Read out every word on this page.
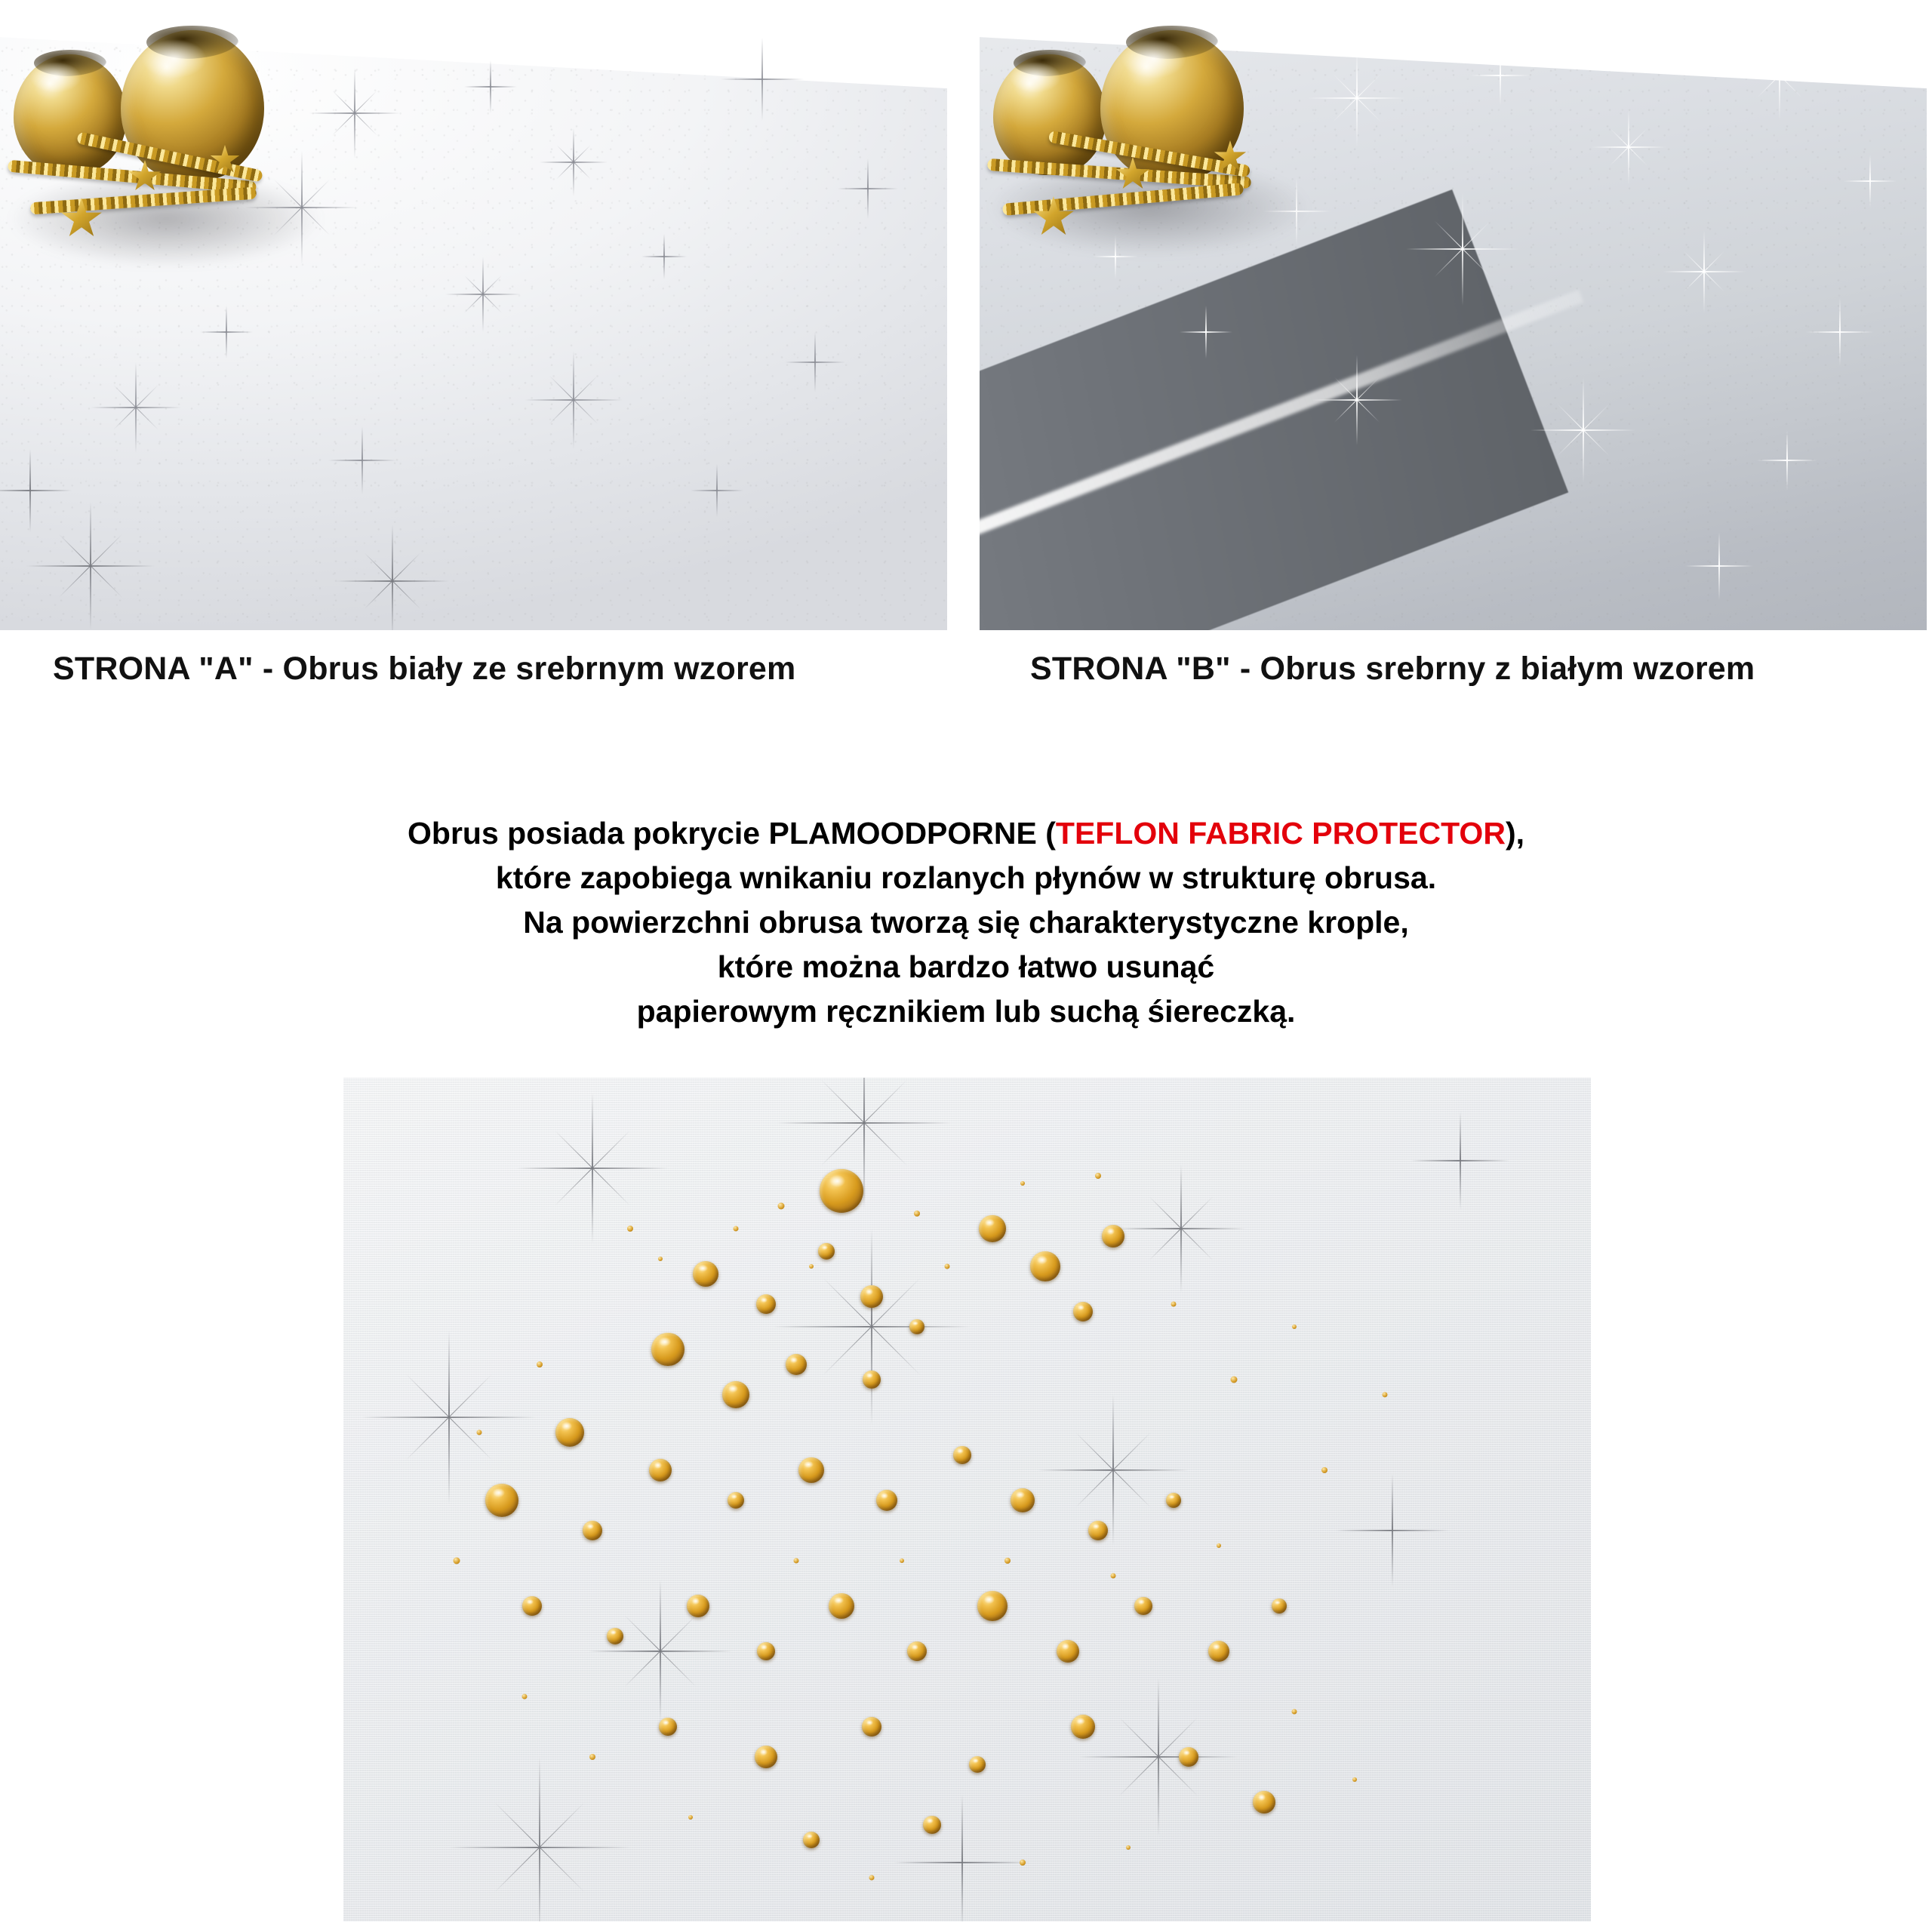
STRONA "A" - Obrus biały ze srebrnym wzorem	STRONA "B" - Obrus srebrny z białym wzorem

Obrus posiada pokrycie PLAMOODPORNE (TEFLON FABRIC PROTECTOR),

które zapobiega wnikaniu rozlanych płynów w strukturę obrusa.

Na powierzchni obrusa tworzą się charakterystyczne krople,

które można bardzo łatwo usunąć

papierowym ręcznikiem lub suchą śiereczką.
